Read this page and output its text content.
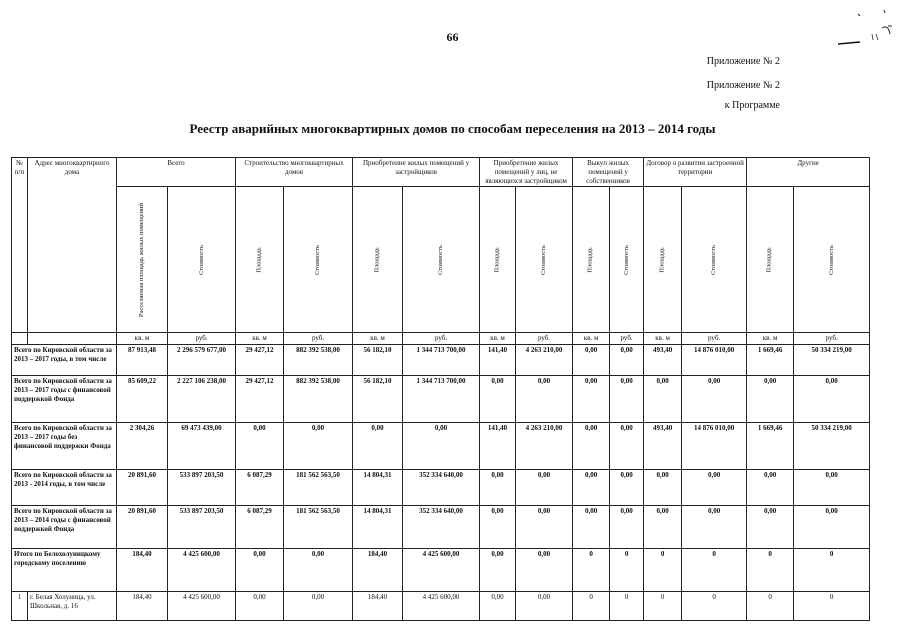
66
Приложение № 2
Приложение № 2
к Программе
Реестр аварийных многоквартирных домов по способам переселения на 2013 – 2014 годы
№ п/п	Адрес многоквартирного дома	Всего		Строительство многоквартирных домов		Приобретение жилых помещений у застройщиков		Приобретение жилых помещений у лиц, не являющихся застройщиком		Выкуп жилых помещений у собственников		Договор о развитии застроенной территории		Другие	

		Расселяемая площадь жилых помещений	Стоимость	Площадь	Стоимость	Площадь	Стоимость	Площадь	Стоимость	Площадь	Стоимость	Площадь	Стоимость	Площадь	Стоимость

		кв. м	руб.	кв. м	руб.	кв. м	руб.	кв. м	руб.	кв. м	руб.	кв. м	руб.	кв. м	руб.
Всего по Кировской области за 2013 – 2017 годы, в том числе		87 913,48	2 296 579 677,00	29 427,12	882 392 538,00	56 182,10	1 344 713 700,00	141,40	4 263 210,00	0,00	0,00	493,40	14 876 010,00	1 669,46	50 334 219,00
Всего по Кировской области за 2013 – 2017 годы с финансовой поддержкой Фонда		85 609,22	2 227 106 238,00	29 427,12	882 392 538,00	56 182,10	1 344 713 700,00	0,00	0,00	0,00	0,00	0,00	0,00	0,00	0,00
Всего по Кировской области за 2013 – 2017 годы без финансовой поддержки Фонда		2 304,26	69 473 439,00	0,00	0,00	0,00	0,00	141,40	4 263 210,00	0,00	0,00	493,40	14 876 010,00	1 669,46	50 334 219,00
Всего по Кировской области за 2013 - 2014 годы, в том числе		20 891,60	533 897 203,50	6 087,29	181 562 563,50	14 804,31	352 334 640,00	0,00	0,00	0,00	0,00	0,00	0,00	0,00	0,00
Всего по Кировской области за 2013 – 2014 годы с финансовой поддержкой Фонда		20 891,60	533 897 203,50	6 087,29	181 562 563,50	14 804,31	352 334 640,00	0,00	0,00	0,00	0,00	0,00	0,00	0,00	0,00
Итого по Белохолуницкому городскому поселению		184,40	4 425 600,00	0,00	0,00	184,40	4 425 600,00	0,00	0,00	0	0	0	0	0	0
1	г. Белая Холуница, ул. Школьная, д. 16	184,40	4 425 600,00	0,00	0,00	184,40	4 425 600,00	0,00	0,00	0	0	0	0	0	0
